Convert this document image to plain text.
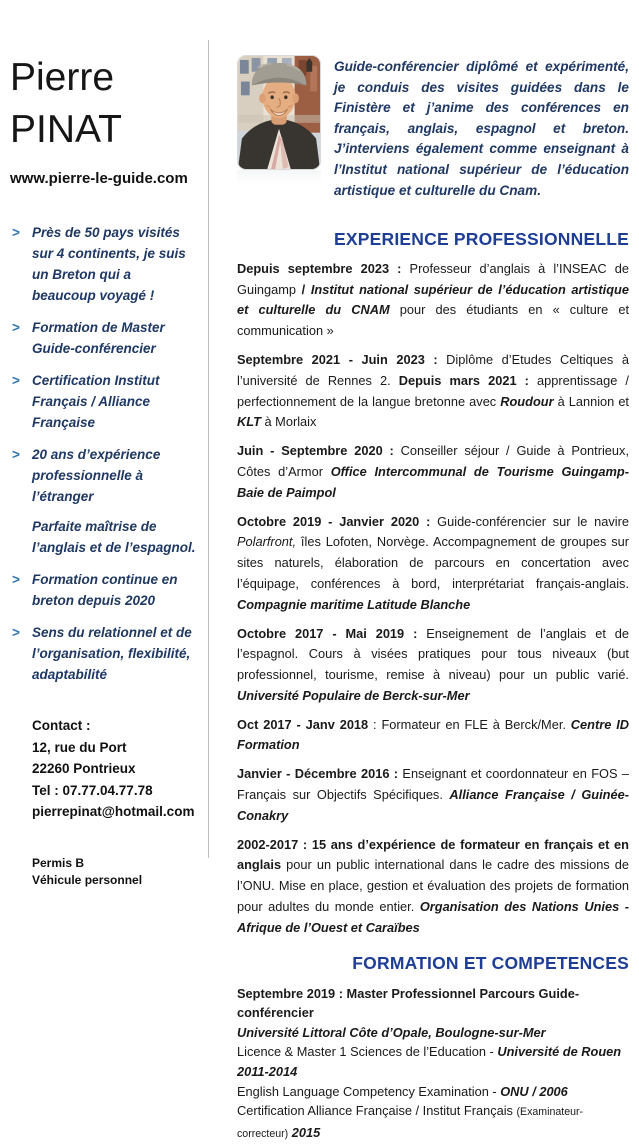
Pierre
PINAT
www.pierre-le-guide.com
> Près de 50 pays visités sur 4 continents, je suis un Breton qui a beaucoup voyagé !
> Formation de Master Guide-conférencier
> Certification Institut Français / Alliance Française
> 20 ans d’expérience professionnelle à l’étranger
Parfaite maîtrise de l’anglais et de l’espagnol.
> Formation continue en breton depuis 2020
> Sens du relationnel et de l’organisation, flexibilité, adaptabilité
Contact :
12, rue du Port
22260 Pontrieux
Tel : 07.77.04.77.78
pierrepinat@hotmail.com
Permis B
Véhicule personnel

Guide-conférencier diplômé et expérimenté, je conduis des visites guidées dans le Finistère et j’anime des conférences en français, anglais, espagnol et breton. J’interviens également comme enseignant à l’Institut national supérieur de l’éducation artistique et culturelle du Cnam.

EXPERIENCE PROFESSIONNELLE

Depuis septembre 2023 : Professeur d’anglais à l’INSEAC de Guingamp / Institut national supérieur de l’éducation artistique et culturelle du CNAM pour des étudiants en « culture et communication »

Septembre 2021 - Juin 2023 : Diplôme d’Etudes Celtiques à l’université de Rennes 2. Depuis mars 2021 : apprentissage / perfectionnement de la langue bretonne avec Roudour à Lannion et KLT à Morlaix

Juin - Septembre 2020 : Conseiller séjour / Guide à Pontrieux, Côtes d’Armor Office Intercommunal de Tourisme Guingamp-Baie de Paimpol

Octobre 2019 - Janvier 2020 : Guide-conférencier sur le navire Polarfront, îles Lofoten, Norvège. Accompagnement de groupes sur sites naturels, élaboration de parcours en concertation avec l’équipage, conférences à bord, interprétariat français-anglais. Compagnie maritime Latitude Blanche

Octobre 2017 - Mai 2019 : Enseignement de l’anglais et de l’espagnol. Cours à visées pratiques pour tous niveaux (but professionnel, tourisme, remise à niveau) pour un public varié. Université Populaire de Berck-sur-Mer

Oct 2017 - Janv 2018 : Formateur en FLE à Berck/Mer. Centre ID Formation

Janvier - Décembre 2016 : Enseignant et coordonnateur en FOS – Français sur Objectifs Spécifiques. Alliance Française / Guinée-Conakry

2002-2017 : 15 ans d’expérience de formateur en français et en anglais pour un public international dans le cadre des missions de l’ONU. Mise en place, gestion et évaluation des projets de formation pour adultes du monde entier. Organisation des Nations Unies - Afrique de l’Ouest et Caraïbes

FORMATION ET COMPETENCES

Septembre 2019 : Master Professionnel Parcours Guide-conférencier

Université Littoral Côte d’Opale, Boulogne-sur-Mer

Licence & Master 1 Sciences de l’Education - Université de Rouen 2011-2014

English Language Competency Examination - ONU / 2006

Certification Alliance Française / Institut Français (Examinateur-correcteur) 2015
